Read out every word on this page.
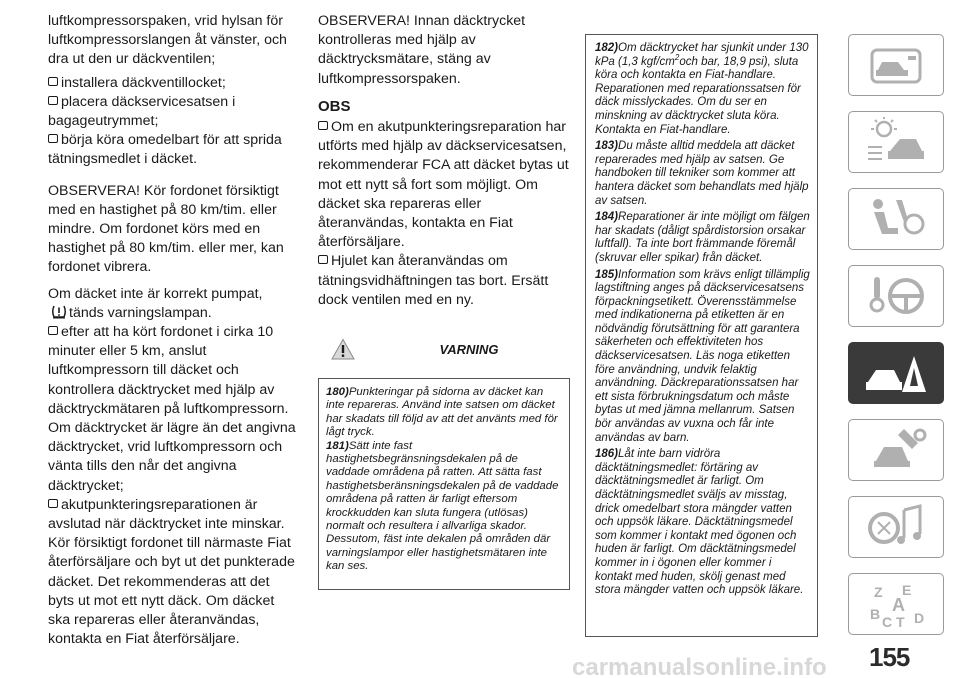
luftkompressorspaken, vrid hylsan för luftkompressorslangen åt vänster, och dra ut den ur däckventilen;

installera däckventillocket;

placera däckservicesatsen i bagageutrymmet;

börja köra omedelbart för att sprida tätningsmedlet i däcket.

OBSERVERA! Kör fordonet försiktigt med en hastighet på 80 km/tim. eller mindre. Om fordonet körs med en hastighet på 80 km/tim. eller mer, kan fordonet vibrera.

Om däcket inte är korrekt pumpat,
tänds varningslampan.

efter att ha kört fordonet i cirka 10 minuter eller 5 km, anslut luftkompressorn till däcket och kontrollera däcktrycket med hjälp av däcktryckmätaren på luftkompressorn. Om däcktrycket är lägre än det angivna däcktrycket, vrid luftkompressorn och vänta tills den når det angivna däcktrycket;

akutpunkteringsreparationen är avslutad när däcktrycket inte minskar. Kör försiktigt fordonet till närmaste Fiat återförsäljare och byt ut det punkterade däcket. Det rekommenderas att det byts ut mot ett nytt däck. Om däcket ska repareras eller återanvändas, kontakta en Fiat återförsäljare.

OBSERVERA! Innan däcktrycket kontrolleras med hjälp av däcktrycksmätare, stäng av luftkompressorspaken.

OBS

Om en akutpunkteringsreparation har utförts med hjälp av däckservicesatsen, rekommenderar FCA att däcket bytas ut mot ett nytt så fort som möjligt. Om däcket ska repareras eller återanvändas, kontakta en Fiat återförsäljare.

Hjulet kan återanvändas om tätningsvidhäftningen tas bort. Ersätt dock ventilen med en ny.

VARNING

180)Punkteringar på sidorna av däcket kan inte repareras. Använd inte satsen om däcket har skadats till följd av att det använts med för lågt tryck.

181)Sätt inte fast hastighetsbegränsningsdekalen på de vaddade områdena på ratten. Att sätta fast hastighetsberänsningsdekalen på de vaddade områdena på ratten är farligt eftersom krockkudden kan sluta fungera (utlösas) normalt och resultera i allvarliga skador. Dessutom, fäst inte dekalen på områden där varningslampor eller hastighetsmätaren inte kan ses.

182)Om däcktrycket har sjunkit under 130 kPa (1,3 kgf/$cm^2och$ bar, 18,9 psi), sluta köra och kontakta en Fiat-handlare. Reparationen med reparationssatsen för däck misslyckades. Om du ser en minskning av däcktrycket sluta köra. Kontakta en Fiat-handlare.

183)Du måste alltid meddela att däcket reparerades med hjälp av satsen. Ge handboken till tekniker som kommer att hantera däcket som behandlats med hjälp av satsen.

184)Reparationer är inte möjligt om fälgen har skadats (dåligt spårdistorsion orsakar luftfall). Ta inte bort främmande föremål (skruvar eller spikar) från däcket.

185)Information som krävs enligt tillämplig lagstiftning anges på däckservicesatsens förpackningsetikett. Överensstämmelse med indikationerna på etiketten är en nödvändig förutsättning för att garantera säkerheten och effektiviteten hos däckservicesatsen. Läs noga etiketten före användning, undvik felaktig användning. Däckreparationssatsen har ett sista förbrukningsdatum och måste bytas ut med jämna mellanrum. Satsen bör användas av vuxna och får inte användas av barn.

186)Låt inte barn vidröra däcktätningsmedlet: förtäring av däcktätningsmedlet är farligt. Om däcktätningsmedlet sväljs av misstag, drick omedelbart stora mängder vatten och uppsök läkare. Däcktätningsmedel som kommer i kontakt med ögonen och huden är farligt. Om däcktätningsmedel kommer in i ögonen eller kommer i kontakt med huden, skölj genast med stora mängder vatten och uppsök läkare.	Z E
A
B C T D
carmanualsonline.info 155
